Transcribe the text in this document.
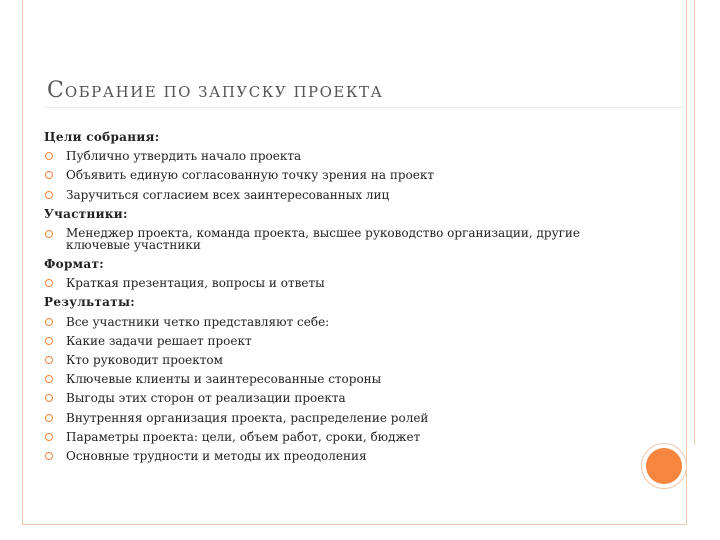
СОБРАНИЕ ПО ЗАПУСКУ ПРОЕКТА
Цели собрания:
Публично утвердить начало проекта
Объявить единую согласованную точку зрения на проект
Заручиться согласием всех заинтересованных лиц
Участники:
Менеджер проекта, команда проекта, высшее руководство организации, другие ключевые участники
Формат:
Краткая презентация, вопросы и ответы
Результаты:
Все участники четко представляют себе:
Какие задачи решает проект
Кто руководит проектом
Ключевые клиенты и заинтересованные стороны
Выгоды этих сторон от реализации проекта
Внутренняя организация проекта, распределение ролей
Параметры проекта: цели, объем работ, сроки, бюджет
Основные трудности и методы их преодоления
